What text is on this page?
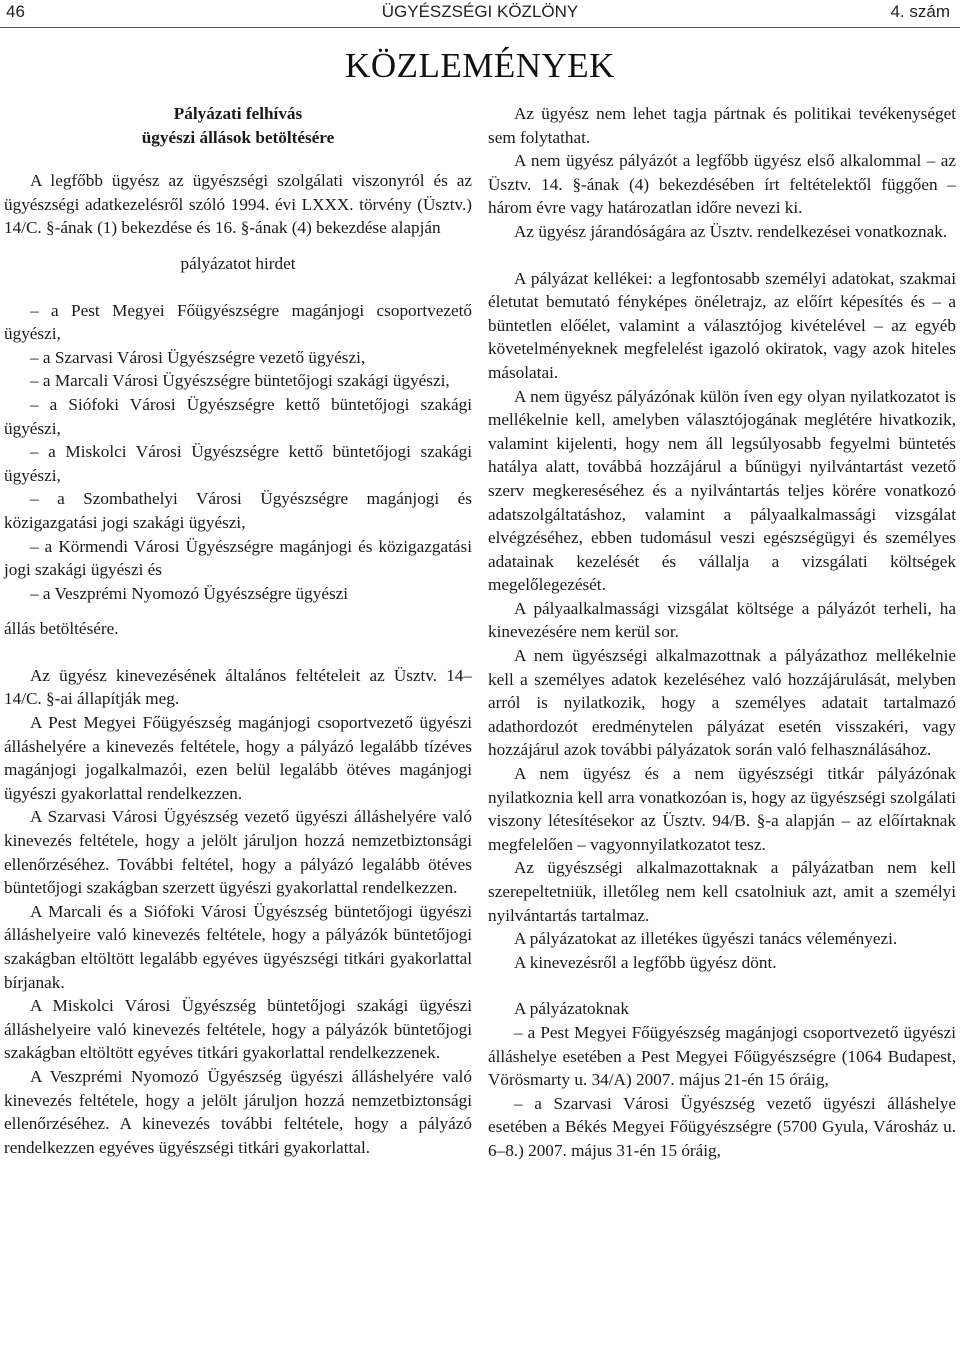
46	ÜGYÉSZSÉGI KÖZLÖNY	4. szám
KÖZLEMÉNYEK
Pályázati felhívás
ügyészi állások betöltésére

A legfőbb ügyész az ügyészségi szolgálati viszonyról és az ügyészségi adatkezelésről szóló 1994. évi LXXX. törvény (Üsztv.) 14/C. §-ának (1) bekezdése és 16. §-ának (4) bekezdése alapján

pályázatot hirdet

– a Pest Megyei Főügyészségre magánjogi csoportvezető ügyészi,

– a Szarvasi Városi Ügyészségre vezető ügyészi,

– a Marcali Városi Ügyészségre büntetőjogi szakági ügyészi,

– a Siófoki Városi Ügyészségre kettő büntetőjogi szakági ügyészi,

– a Miskolci Városi Ügyészségre kettő büntetőjogi szakági ügyészi,

– a Szombathelyi Városi Ügyészségre magánjogi és közigazgatási jogi szakági ügyészi,

– a Körmendi Városi Ügyészségre magánjogi és közigazgatási jogi szakági ügyészi és

– a Veszprémi Nyomozó Ügyészségre ügyészi

állás betöltésére.

Az ügyész kinevezésének általános feltételeit az Üsztv. 14–14/C. §-ai állapítják meg.

A Pest Megyei Főügyészség magánjogi csoportvezető ügyészi álláshelyére a kinevezés feltétele, hogy a pályázó legalább tízéves magánjogi jogalkalmazói, ezen belül legalább ötéves magánjogi ügyészi gyakorlattal rendelkezzen.

A Szarvasi Városi Ügyészség vezető ügyészi álláshelyére való kinevezés feltétele, hogy a jelölt járuljon hozzá nemzetbiztonsági ellenőrzéséhez. További feltétel, hogy a pályázó legalább ötéves büntetőjogi szakágban szerzett ügyészi gyakorlattal rendelkezzen.

A Marcali és a Siófoki Városi Ügyészség büntetőjogi ügyészi álláshelyeire való kinevezés feltétele, hogy a pályázók büntetőjogi szakágban eltöltött legalább egyéves ügyészségi titkári gyakorlattal bírjanak.

A Miskolci Városi Ügyészség büntetőjogi szakági ügyészi álláshelyeire való kinevezés feltétele, hogy a pályázók büntetőjogi szakágban eltöltött egyéves titkári gyakorlattal rendelkezzenek.

A Veszprémi Nyomozó Ügyészség ügyészi álláshelyére való kinevezés feltétele, hogy a jelölt járuljon hozzá nemzetbiztonsági ellenőrzéséhez. A kinevezés további feltétele, hogy a pályázó rendelkezzen egyéves ügyészségi titkári gyakorlattal.

Az ügyész nem lehet tagja pártnak és politikai tevékenységet sem folytathat.

A nem ügyész pályázót a legfőbb ügyész első alkalommal – az Üsztv. 14. §-ának (4) bekezdésében írt feltételektől függően – három évre vagy határozatlan időre nevezi ki.

Az ügyész járandóságára az Üsztv. rendelkezései vonatkoznak.

A pályázat kellékei: a legfontosabb személyi adatokat, szakmai életutat bemutató fényképes önéletrajz, az előírt képesítés és – a büntetlen előélet, valamint a választójog kivételével – az egyéb követelményeknek megfelelést igazoló okiratok, vagy azok hiteles másolatai.

A nem ügyész pályázónak külön íven egy olyan nyilatkozatot is mellékelnie kell, amelyben választójogának meglétére hivatkozik, valamint kijelenti, hogy nem áll legsúlyosabb fegyelmi büntetés hatálya alatt, továbbá hozzájárul a bűnügyi nyilvántartást vezető szerv megkereséséhez és a nyilvántartás teljes körére vonatkozó adatszolgáltatáshoz, valamint a pályaalkalmassági vizsgálat elvégzéséhez, ebben tudomásul veszi egészségügyi és személyes adatainak kezelését és vállalja a vizsgálati költségek megelőlegezését.

A pályaalkalmassági vizsgálat költsége a pályázót terheli, ha kinevezésére nem kerül sor.

A nem ügyészségi alkalmazottnak a pályázathoz mellékelnie kell a személyes adatok kezeléséhez való hozzájárulását, melyben arról is nyilatkozik, hogy a személyes adatait tartalmazó adathordozót eredménytelen pályázat esetén visszakéri, vagy hozzájárul azok további pályázatok során való felhasználásához.

A nem ügyész és a nem ügyészségi titkár pályázónak nyilatkoznia kell arra vonatkozóan is, hogy az ügyészségi szolgálati viszony létesítésekor az Üsztv. 94/B. §-a alapján – az előírtaknak megfelelően – vagyonnyilatkozatot tesz.

Az ügyészségi alkalmazottaknak a pályázatban nem kell szerepeltetniük, illetőleg nem kell csatolniuk azt, amit a személyi nyilvántartás tartalmaz.

A pályázatokat az illetékes ügyészi tanács véleményezi.

A kinevezésről a legfőbb ügyész dönt.

A pályázatoknak

– a Pest Megyei Főügyészség magánjogi csoportvezető ügyészi álláshelye esetében a Pest Megyei Főügyészségre (1064 Budapest, Vörösmarty u. 34/A) 2007. május 21-én 15 óráig,

– a Szarvasi Városi Ügyészség vezető ügyészi álláshelye esetében a Békés Megyei Főügyészségre (5700 Gyula, Városház u. 6–8.) 2007. május 31-én 15 óráig,
